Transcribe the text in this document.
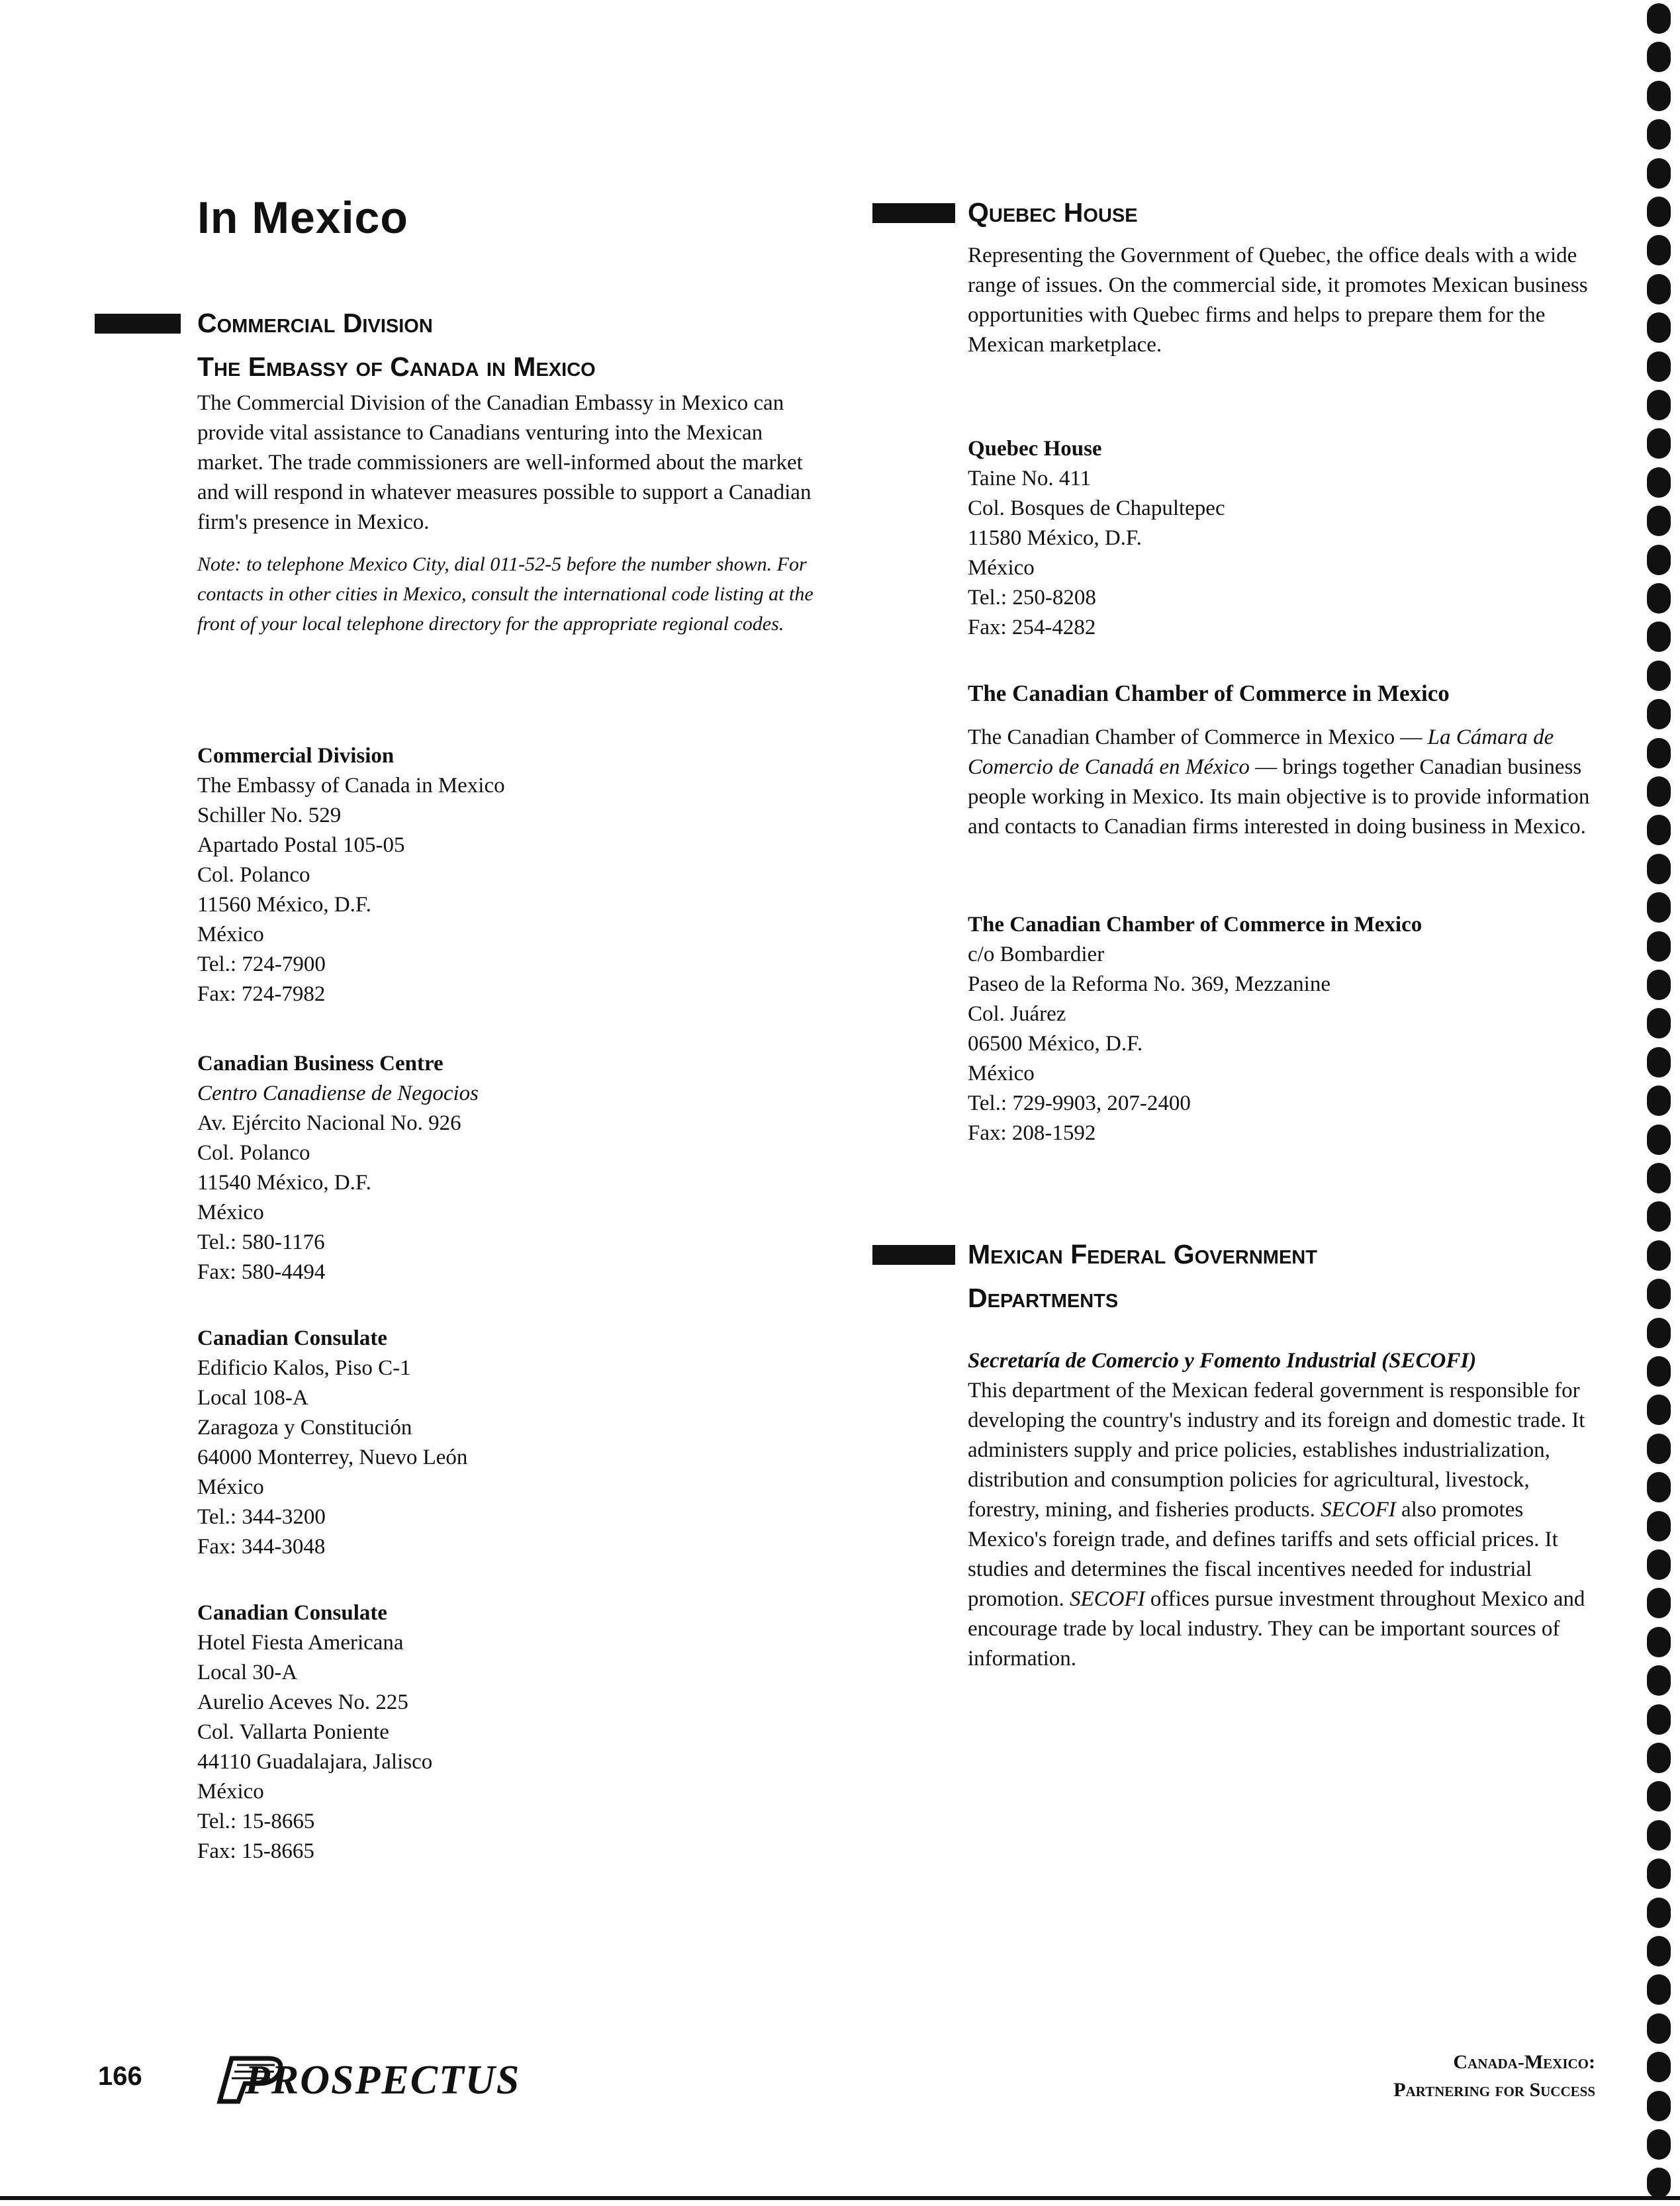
In Mexico

Commercial Division

The Embassy of Canada in Mexico

The Commercial Division of the Canadian Embassy in Mexico can provide vital assistance to Canadians venturing into the Mexican market. The trade commissioners are well-informed about the market and will respond in whatever measures possible to support a Canadian firm's presence in Mexico.

Note: to telephone Mexico City, dial 011-52-5 before the number shown. For contacts in other cities in Mexico, consult the international code listing at the front of your local telephone directory for the appropriate regional codes.

Commercial Division
The Embassy of Canada in Mexico
Schiller No. 529
Apartado Postal 105-05
Col. Polanco
11560 México, D.F.
México
Tel.: 724-7900
Fax: 724-7982
Canadian Business Centre
Centro Canadiense de Negocios
Av. Ejército Nacional No. 926
Col. Polanco
11540 México, D.F.
México
Tel.: 580-1176
Fax: 580-4494
Canadian Consulate
Edificio Kalos, Piso C-1
Local 108-A
Zaragoza y Constitución
64000 Monterrey, Nuevo León
México
Tel.: 344-3200
Fax: 344-3048
Canadian Consulate
Hotel Fiesta Americana
Local 30-A
Aurelio Aceves No. 225
Col. Vallarta Poniente
44110 Guadalajara, Jalisco
México
Tel.: 15-8665
Fax: 15-8665

Quebec House

Representing the Government of Quebec, the office deals with a wide range of issues. On the commercial side, it promotes Mexican business opportunities with Quebec firms and helps to prepare them for the Mexican marketplace.

Quebec House
Taine No. 411
Col. Bosques de Chapultepec
11580 México, D.F.
México
Tel.: 250-8208
Fax: 254-4282

The Canadian Chamber of Commerce in Mexico

The Canadian Chamber of Commerce in Mexico — La Cámara de Comercio de Canadá en México — brings together Canadian business people working in Mexico. Its main objective is to provide information and contacts to Canadian firms interested in doing business in Mexico.

The Canadian Chamber of Commerce in Mexico
c/o Bombardier
Paseo de la Reforma No. 369, Mezzanine
Col. Juárez
06500 México, D.F.
México
Tel.: 729-9903, 207-2400
Fax: 208-1592

Mexican Federal Government

Departments

Secretaría de Comercio y Fomento Industrial (SECOFI)

This department of the Mexican federal government is responsible for developing the country's industry and its foreign and domestic trade. It administers supply and price policies, establishes industrialization, distribution and consumption policies for agricultural, livestock, forestry, mining, and fisheries products. SECOFI also promotes Mexico's foreign trade, and defines tariffs and sets official prices. It studies and determines the fiscal incentives needed for industrial promotion. SECOFI offices pursue investment throughout Mexico and encourage trade by local industry. They can be important sources of information.

166	PROSPECTUS	Canada-Mexico:
Partnering for Success
